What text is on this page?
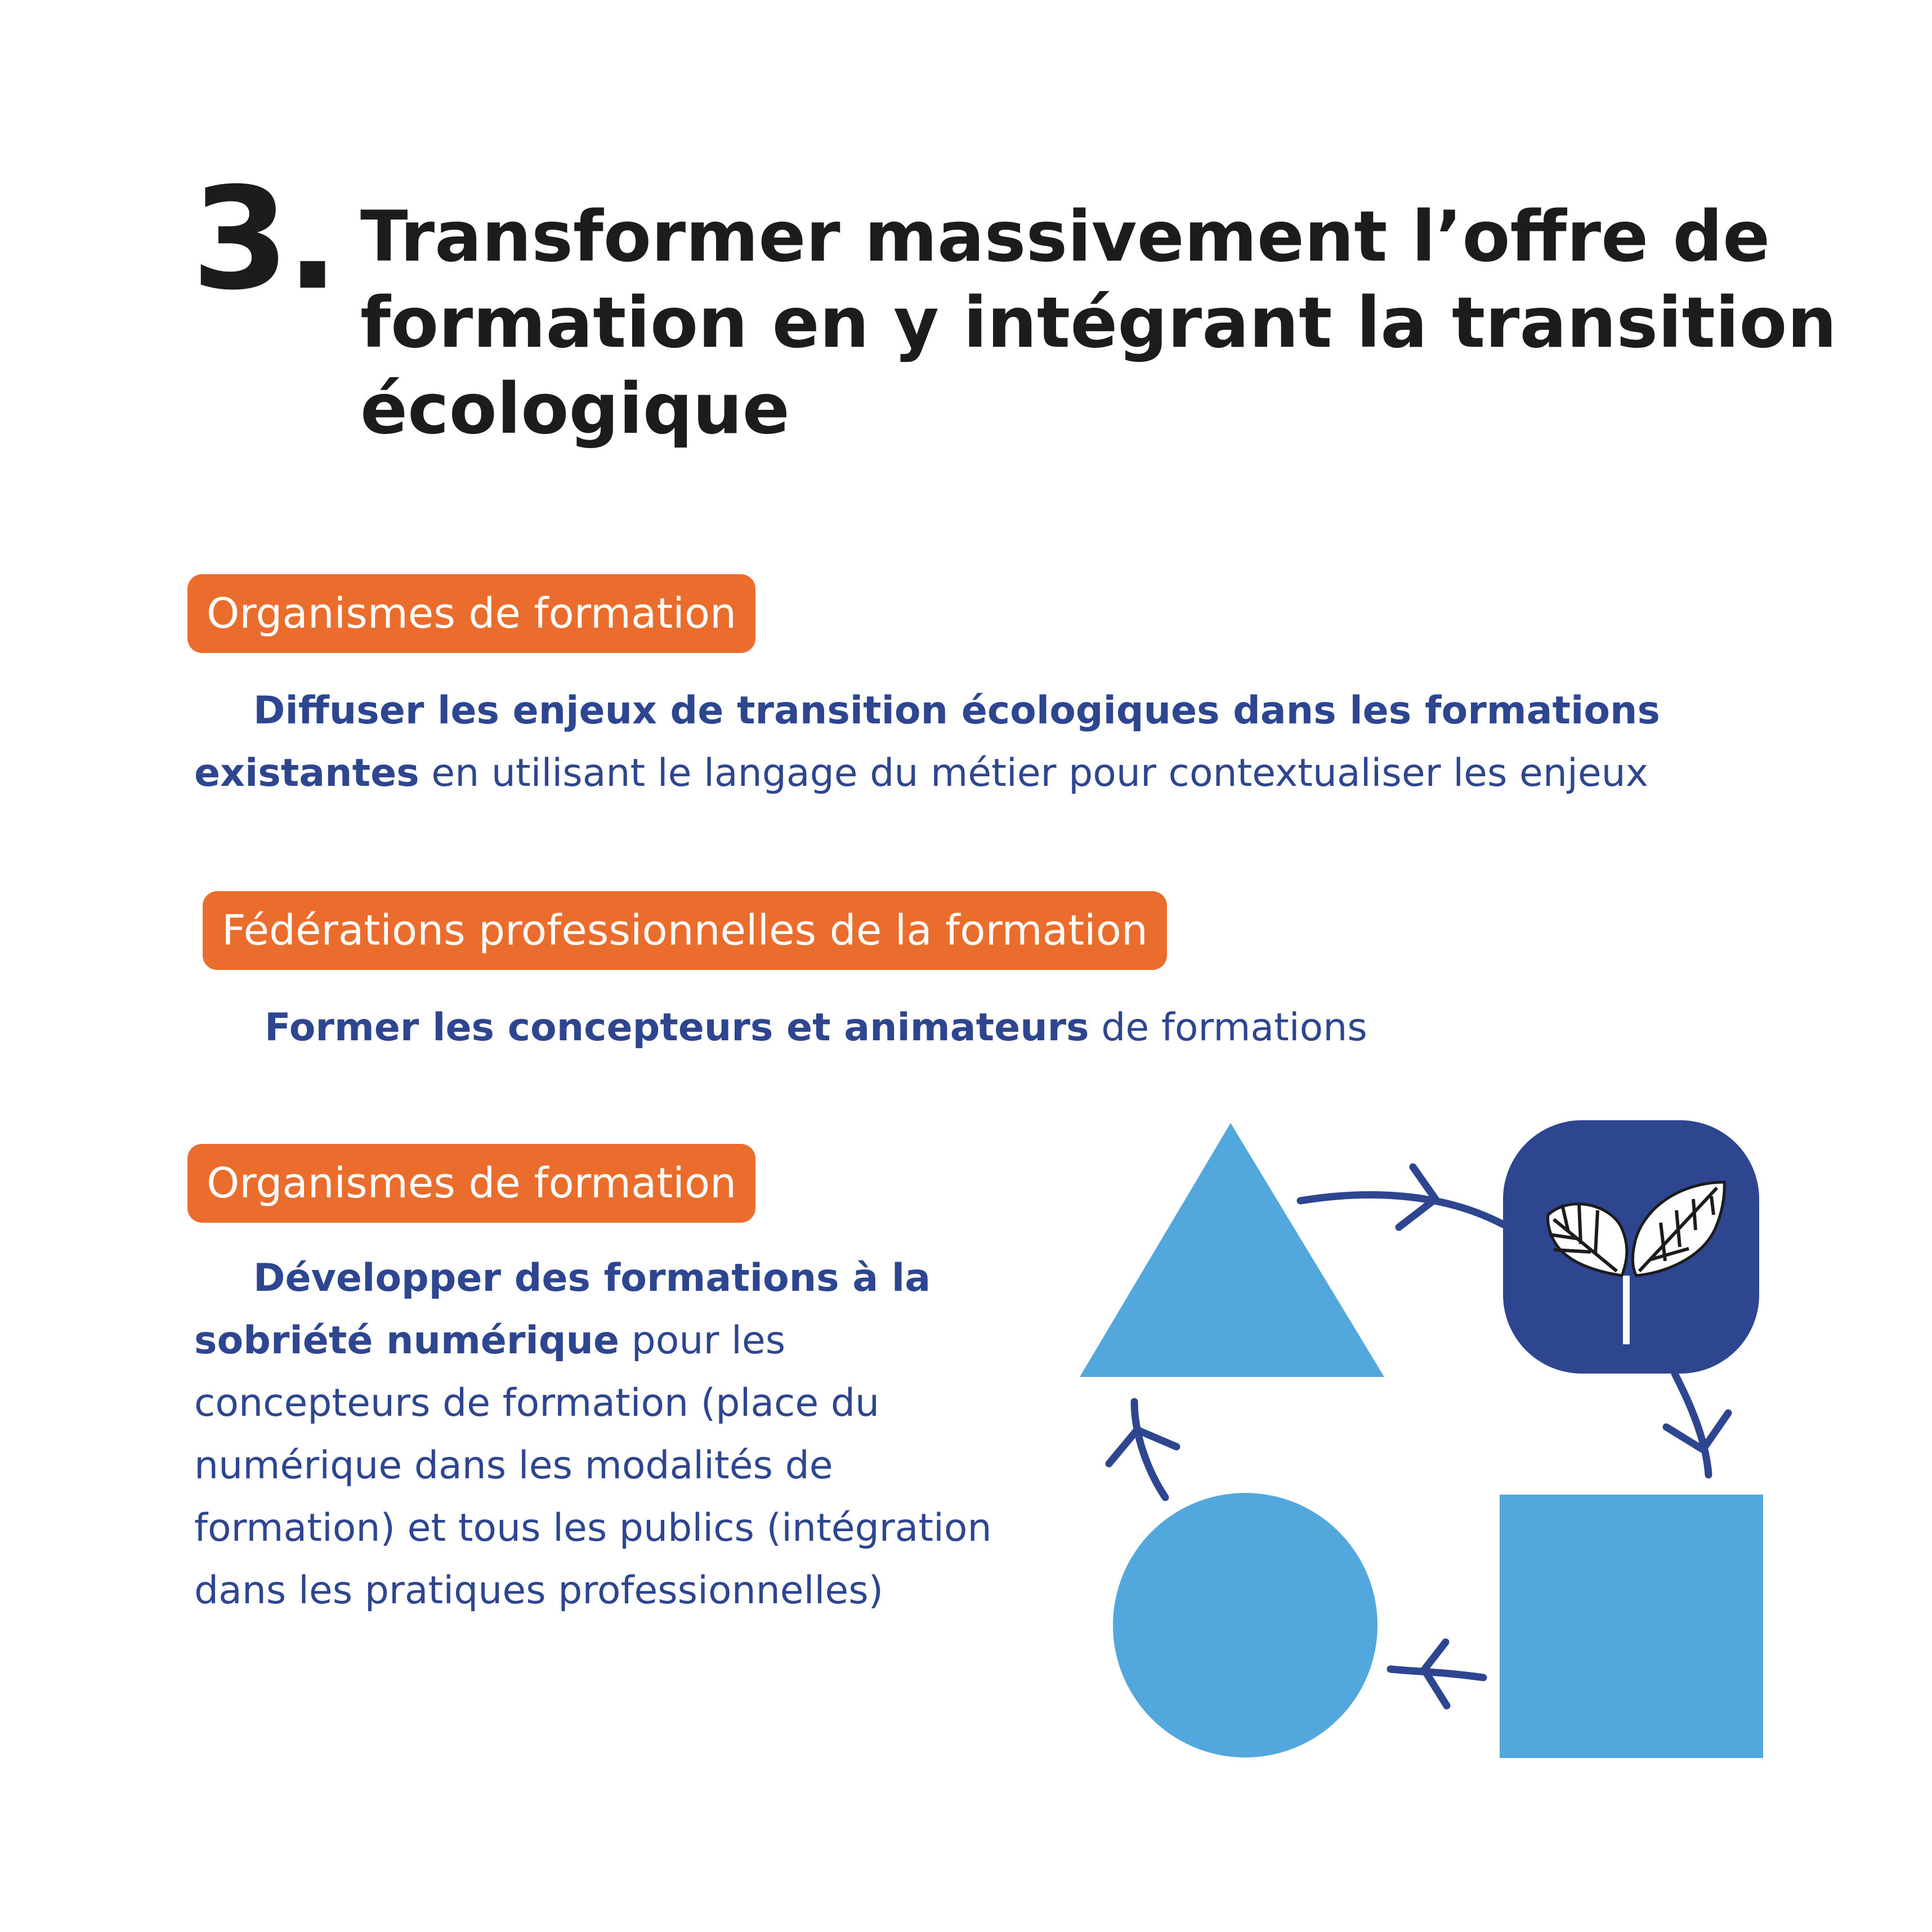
3. Transformer massivement l’offre de formation en y intégrant la transition écologique
Organismes de formation

Diffuser les enjeux de transition écologiques dans les formations existantes en utilisant le langage du métier pour contextualiser les enjeux

Fédérations professionnelles de la formation

Former les concepteurs et animateurs de formations

Organismes de formation

Développer des formations à la sobriété numérique pour les concepteurs de formation (place du numérique dans les modalités de formation) et tous les publics (intégration dans les pratiques professionnelles)
